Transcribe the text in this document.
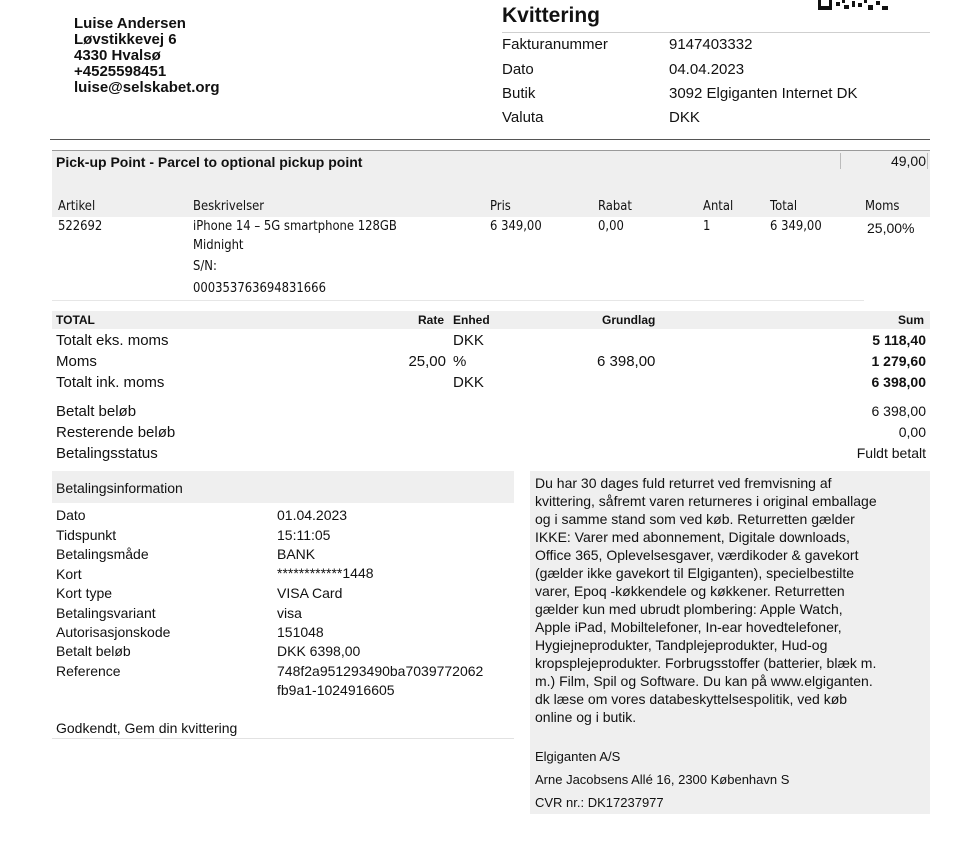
Luise Andersen
Løvstikkevej 6
4330 Hvalsø
+4525598451
luise@selskabet.org
Kvittering
Fakturanummer	9147403332
Dato	04.04.2023
Butik	3092 Elgiganten Internet DK
Valuta	DKK
Pick-up Point - Parcel to optional pickup point	49,00
Artikel	Beskrivelser	Pris	Rabat	Antal	Total	Moms
522692	iPhone 14 – 5G smartphone 128GB
Midnight
S/N:
000353763694831666
6 349,00	0,00	1	6 349,00	25,00%
TOTAL	Rate Enhed	Grundlag	Sum
Totalt eks. moms	DKK	5 118,40
Moms	25,00 %	6 398,00	1 279,60
Totalt ink. moms	DKK	6 398,00
Betalt beløb	6 398,00
Resterende beløb	0,00
Betalingsstatus	Fuldt betalt
Betalingsinformation
Dato	01.04.2023
Tidspunkt	15:11:05
Betalingsmåde	BANK
Kort	************1448
Kort type	VISA Card
Betalingsvariant	visa
Autorisasjonskode	151048
Betalt beløb	DKK 6398,00
Reference	748f2a951293490ba7039772062
fb9a1-1024916605
Godkendt, Gem din kvittering
Du har 30 dages fuld returret ved fremvisning af
kvittering, såfremt varen returneres i original emballage
og i samme stand som ved køb. Returretten gælder
IKKE: Varer med abonnement, Digitale downloads,
Office 365, Oplevelsesgaver, værdikoder & gavekort
(gælder ikke gavekort til Elgiganten), specielbestilte
varer, Epoq -køkkendele og køkkener. Returretten
gælder kun med ubrudt plombering: Apple Watch,
Apple iPad, Mobiltelefoner, In-ear hovedtelefoner,
Hygiejneprodukter, Tandplejeprodukter, Hud-og
kropsplejeprodukter. Forbrugsstoffer (batterier, blæk m.
m.) Film, Spil og Software. Du kan på www.elgiganten.
dk læse om vores databeskyttelsespolitik, ved køb
online og i butik.
Elgiganten A/S
Arne Jacobsens Allé 16, 2300 København S
CVR nr.: DK17237977
